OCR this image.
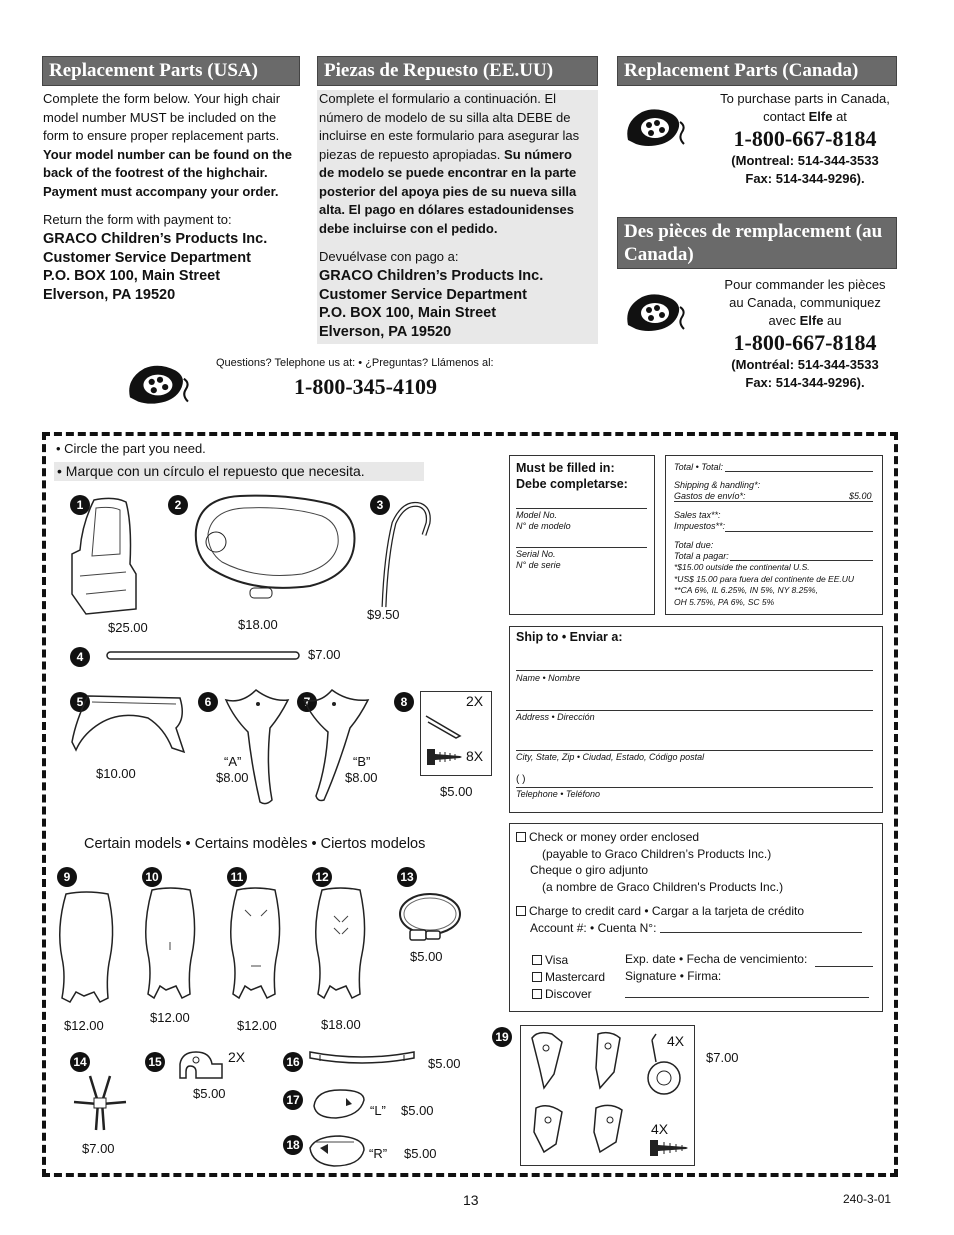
Replacement Parts (USA)	Piezas de Repuesto (EE.UU)	Replacement Parts (Canada)
Complete the form below. Your high chair model number MUST be included on the form to ensure proper replacement parts. Your model number can be found on the back of the footrest of the highchair. Payment must accompany your order.
Return the form with payment to:
GRACO Children’s Products Inc.
Customer Service Department
P.O. BOX 100, Main Street
Elverson, PA 19520
Complete el formulario a continuación. El número de modelo de su silla alta DEBE de incluirse en este formulario para asegurar las piezas de repuesto apropiadas. Su número de modelo se puede encontrar en la parte posterior del apoya pies de su nueva silla alta. El pago en dólares estadounidenses debe incluirse con el pedido.
Devuélvase con pago a:
GRACO Children’s Products Inc.
Customer Service Department
P.O. BOX 100, Main Street
Elverson, PA 19520
To purchase parts in Canada,
contact Elfe at
1-800-667-8184
(Montreal: 514-344-3533
Fax: 514-344-9296).
Des pièces de remplacement (au Canada)
Pour commander les pièces
au Canada, communiquez
avec Elfe au
1-800-667-8184
(Montréal: 514-344-3533
Fax: 514-344-9296).
Questions? Telephone us at: • ¿Preguntas? Llámenos al:
1-800-345-4109
• Circle the part you need.
• Marque con un círculo el repuesto que necesita.
1
$25.00
2
$18.00
3
$9.50
4	$7.00
5
$10.00
6
“A”
$8.00
7
“B”
$8.00
8	2X
8X
$5.00
Certain models • Certains modèles • Ciertos modelos
9
$12.00
10
$12.00
11
$12.00
12
$18.00
13
$5.00
14
$7.00
15	2X
$5.00
16	$5.00
17
“L” $5.00
18
“R” $5.00
19	4X
4X
$7.00
Must be filled in:
Debe completarse:
Model No.
N° de modelo
Serial No.
N° de serie
Total • Total:
Shipping & handling*:
Gastos de envío*:	$5.00
Sales tax**:
Impuestos**:
Total due:
Total a pagar:
*$15.00 outside the continental U.S.
*US$ 15.00 para fuera del continente de EE.UU
**CA 6%, IL 6.25%, IN 5%, NY 8.25%,
OH 5.75%, PA 6%, SC 5%
Ship to • Enviar a:
Name • Nombre
Address • Dirección
City, State, Zip • Ciudad, Estado, Código postal
( )
Telephone • Teléfono
Check or money order enclosed
(payable to Graco Children’s Products Inc.)
Cheque o giro adjunto
(a nombre de Graco Children's Products Inc.)
Charge to credit card • Cargar a la tarjeta de crédito
Account #: • Cuenta N°:
Visa
Mastercard
Discover
Exp. date • Fecha de vencimiento:
Signature • Firma:
13	240-3-01
